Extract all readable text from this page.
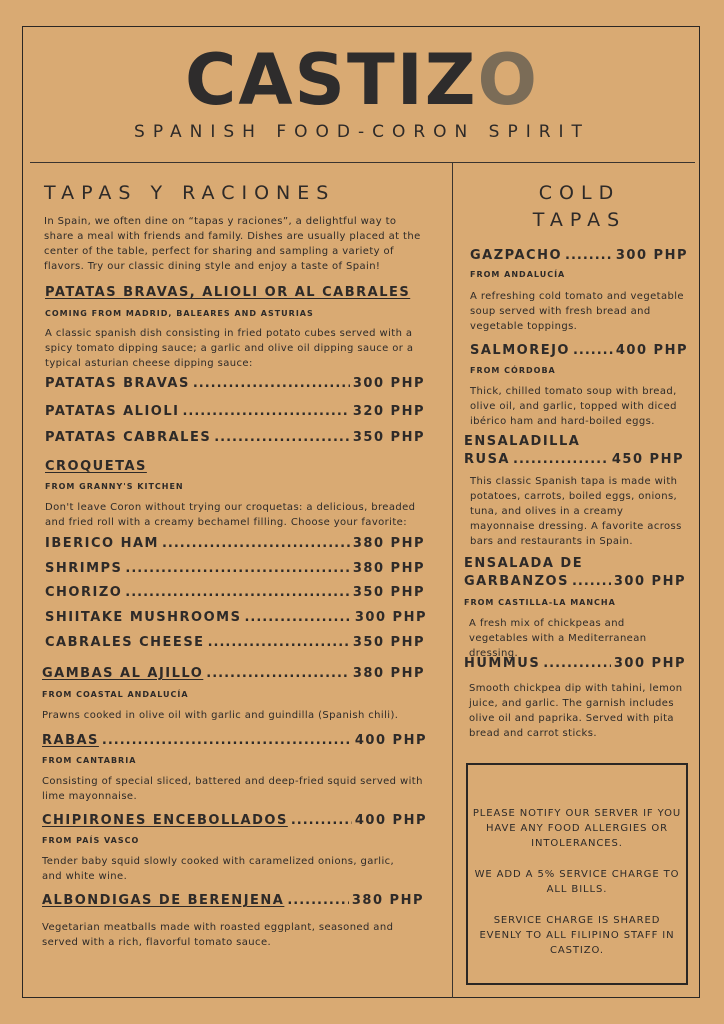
CASTIZO
SPANISH FOOD-CORON SPIRIT
TAPAS Y RACIONES
In Spain, we often dine on “tapas y raciones”, a delightful way to share a meal with friends and family. Dishes are usually placed at the center of the table, perfect for sharing and sampling a variety of flavors. Try our classic dining style and enjoy a taste of Spain!
PATATAS BRAVAS, ALIOLI OR AL CABRALES
COMING FROM MADRID, BALEARES AND ASTURIAS
A classic spanish dish consisting in fried potato cubes served with a spicy tomato dipping sauce; a garlic and olive oil dipping sauce or a typical asturian cheese dipping sauce:
PATATAS BRAVAS .....	300 PHP
PATATAS ALIOLI .....	320 PHP
PATATAS CABRALES .....	350 PHP
CROQUETAS
FROM GRANNY'S KITCHEN
Don't leave Coron without trying our croquetas: a delicious, breaded and fried roll with a creamy bechamel filling. Choose your favorite:
IBERICO HAM .....	380 PHP
SHRIMPS .....	380 PHP
CHORIZO .....	350 PHP
SHIITAKE MUSHROOMS .....	300 PHP
CABRALES CHEESE .....	350 PHP
GAMBAS AL AJILLO .....	380 PHP
FROM COASTAL ANDALUCÍA
Prawns cooked in olive oil with garlic and guindilla (Spanish chili).
RABAS .....	400 PHP
FROM CANTABRIA
Consisting of special sliced, battered and deep-fried squid served with lime mayonnaise.
CHIPIRONES ENCEBOLLADOS .....	400 PHP
FROM PAÍS VASCO
Tender baby squid slowly cooked with caramelized onions, garlic, and white wine.
ALBONDIGAS DE BERENJENA .....	380 PHP
Vegetarian meatballs made with roasted eggplant, seasoned and served with a rich, flavorful tomato sauce.
COLD
TAPAS
GAZPACHO .....	300 PHP
FROM ANDALUCÍA
A refreshing cold tomato and vegetable soup served with fresh bread and vegetable toppings.
SALMOREJO .....	400 PHP
FROM CÓRDOBA
Thick, chilled tomato soup with bread, olive oil, and garlic, topped with diced ibérico ham and hard-boiled eggs.
ENSALADILLA
RUSA .....	450 PHP
This classic Spanish tapa is made with potatoes, carrots, boiled eggs, onions, tuna, and olives in a creamy mayonnaise dressing. A favorite across bars and restaurants in Spain.
ENSALADA DE
GARBANZOS .....	300 PHP
FROM CASTILLA-LA MANCHA
A fresh mix of chickpeas and vegetables with a Mediterranean dressing.
HUMMUS .....	300 PHP
Smooth chickpea dip with tahini, lemon juice, and garlic. The garnish includes olive oil and paprika. Served with pita bread and carrot sticks.

PLEASE NOTIFY OUR SERVER IF YOU HAVE ANY FOOD ALLERGIES OR INTOLERANCES.

WE ADD A 5% SERVICE CHARGE TO ALL BILLS.

SERVICE CHARGE IS SHARED EVENLY TO ALL FILIPINO STAFF IN CASTIZO.
